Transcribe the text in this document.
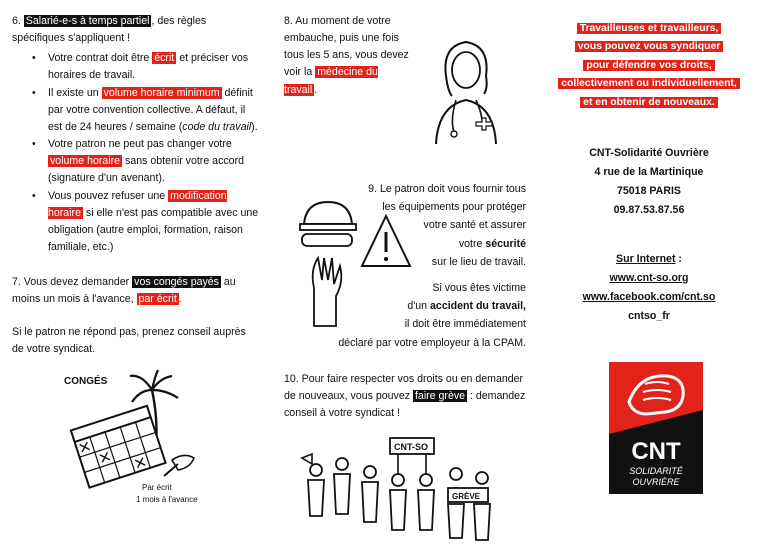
6. Salarié-e-s à temps partiel , des règles spécifiques s'appliquent !

• Votre contrat doit être écrit et préciser vos horaires de travail.
• Il existe un volume horaire minimum définit par votre convention collective. A défaut, il est de 24 heures / semaine (code du travail).
• Votre patron ne peut pas changer votre volume horaire sans obtenir votre accord (signature d'un avenant).
• Vous pouvez refuser une modification horaire si elle n'est pas compatible avec une obligation (autre emploi, formation, raison familiale, etc.)

7. Vous devez demander vos congés payés au moins un mois à l'avance, par écrit .

Si le patron ne répond pas, prenez conseil auprès de votre syndicat.

CONGÉS
Par écrit
1 mois à l'avance

8. Au moment de votre embauche, puis une fois tous les 5 ans, vous devez voir la médecine du travail .

9. Le patron doit vous fournir tous

les équipements pour protéger

votre santé et assurer

votre sécurité

sur le lieu de travail.

Si vous êtes victime

d'un accident du travail,

il doit être immédiatement

déclaré par votre employeur à la CPAM.

10. Pour faire respecter vos droits ou en demander de nouveaux, vous pouvez faire grève : demandez conseil à votre syndicat !

CNT-SO
GRÈVE

Travailleuses et travailleurs,

vous pouvez vous syndiquer

pour défendre vos droits,

collectivement ou individuellement,

et en obtenir de nouveaux.

CNT-Solidarité Ouvrière

4 rue de la Martinique

75018 PARIS

09.87.53.87.56

Sur Internet :

www.cnt-so.org

www.facebook.com/cnt.so

cntso_fr

CNT
SOLIDARITÉ
OUVRIÈRE
